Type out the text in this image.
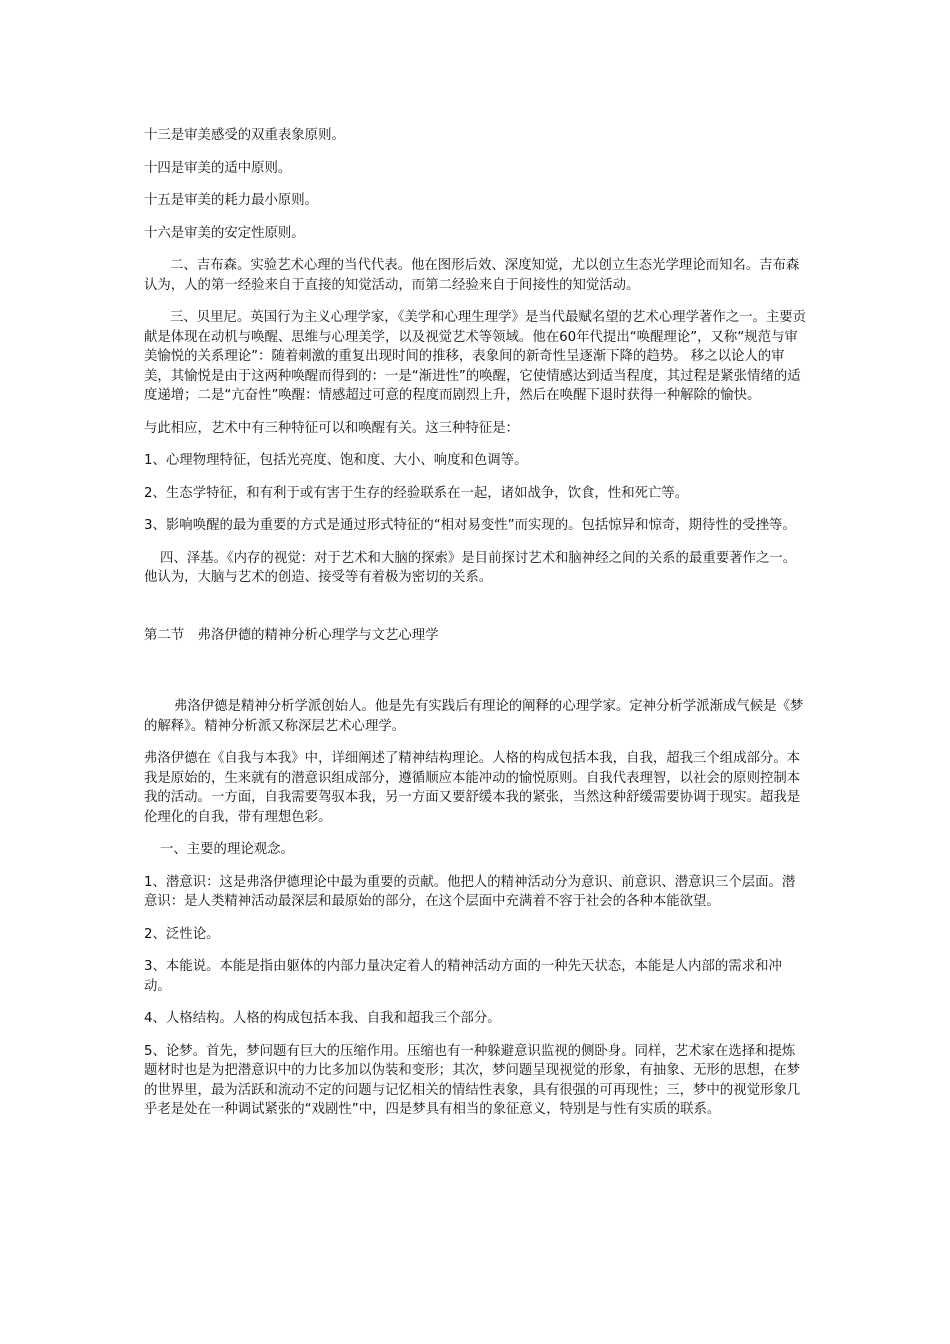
十三是审美感受的双重表象原则。

十四是审美的适中原则。

十五是审美的耗力最小原则。

十六是审美的安定性原则。

二、吉布森。实验艺术心理的当代代表。他在图形后效、深度知觉，尤以创立生态光学理论而知名。吉布森认为，人的第一经验来自于直接的知觉活动，而第二经验来自于间接性的知觉活动。

三、贝里尼。英国行为主义心理学家，《美学和心理生理学》是当代最赋名望的艺术心理学著作之一。主要贡献是体现在动机与唤醒、思维与心理美学，以及视觉艺术等领域。他在60年代提出“唤醒理论”，又称“规范与审美愉悦的关系理论”：随着刺激的重复出现时间的推移，表象间的新奇性呈逐渐下降的趋势。 移之以论人的审美，其愉悦是由于这两种唤醒而得到的：一是“渐进性”的唤醒，它使情感达到适当程度，其过程是紧张情绪的适度递增；二是“亢奋性”唤醒：情感超过可意的程度而剧烈上升，然后在唤醒下退时获得一种解除的愉快。

与此相应，艺术中有三种特征可以和唤醒有关。这三种特征是：

1、心理物理特征，包括光亮度、饱和度、大小、响度和色调等。

2、生态学特征，和有利于或有害于生存的经验联系在一起，诸如战争，饮食，性和死亡等。

3、影响唤醒的最为重要的方式是通过形式特征的“相对易变性”而实现的。包括惊异和惊奇，期待性的受挫等。

四、泽基。《内存的视觉：对于艺术和大脑的探索》是目前探讨艺术和脑神经之间的关系的最重要著作之一。他认为，大脑与艺术的创造、接受等有着极为密切的关系。

第二节　弗洛伊德的精神分析心理学与文艺心理学

弗洛伊德是精神分析学派创始人。他是先有实践后有理论的阐释的心理学家。定神分析学派渐成气候是《梦的解释》。精神分析派又称深层艺术心理学。

弗洛伊德在《自我与本我》中，详细阐述了精神结构理论。人格的构成包括本我，自我，超我三个组成部分。本我是原始的，生来就有的潜意识组成部分，遵循顺应本能冲动的愉悦原则。自我代表理智，以社会的原则控制本我的活动。一方面，自我需要驾驭本我，另一方面又要舒缓本我的紧张，当然这种舒缓需要协调于现实。超我是伦理化的自我，带有理想色彩。

一、主要的理论观念。

1、潜意识：这是弗洛伊德理论中最为重要的贡献。他把人的精神活动分为意识、前意识、潜意识三个层面。潜意识：是人类精神活动最深层和最原始的部分，在这个层面中充满着不容于社会的各种本能欲望。

2、泛性论。

3、本能说。本能是指由躯体的内部力量决定着人的精神活动方面的一种先天状态，本能是人内部的需求和冲动。

4、人格结构。人格的构成包括本我、自我和超我三个部分。

5、论梦。首先，梦问题有巨大的压缩作用。压缩也有一种躲避意识监视的侧卧身。同样，艺术家在选择和提炼题材时也是为把潜意识中的力比多加以伪装和变形；其次，梦问题呈现视觉的形象，有抽象、无形的思想，在梦的世界里，最为活跃和流动不定的问题与记忆相关的情结性表象，具有很强的可再现性；三，梦中的视觉形象几乎老是处在一种调试紧张的“戏剧性”中，四是梦具有相当的象征意义，特别是与性有实质的联系。
